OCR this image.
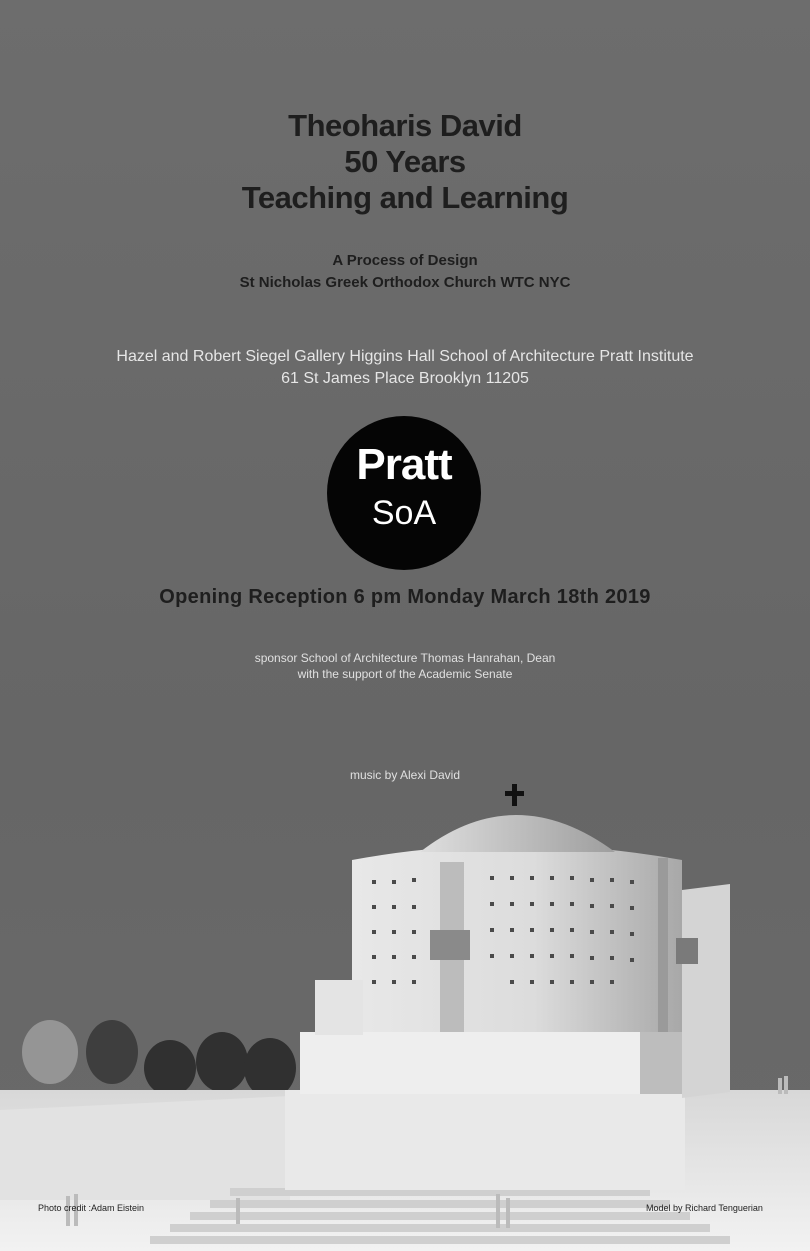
Theoharis David
50 Years
Teaching and Learning
A Process of Design
St Nicholas Greek Orthodox Church WTC NYC
Hazel and Robert Siegel Gallery Higgins Hall School of Architecture Pratt Institute
61 St James Place Brooklyn 11205
Pratt
SoA
Opening Reception 6 pm Monday March 18th 2019
sponsor School of Architecture Thomas Hanrahan, Dean
with the support of the Academic Senate
music by Alexi David
Photo credit :Adam Eistein	Model by Richard Tenguerian
